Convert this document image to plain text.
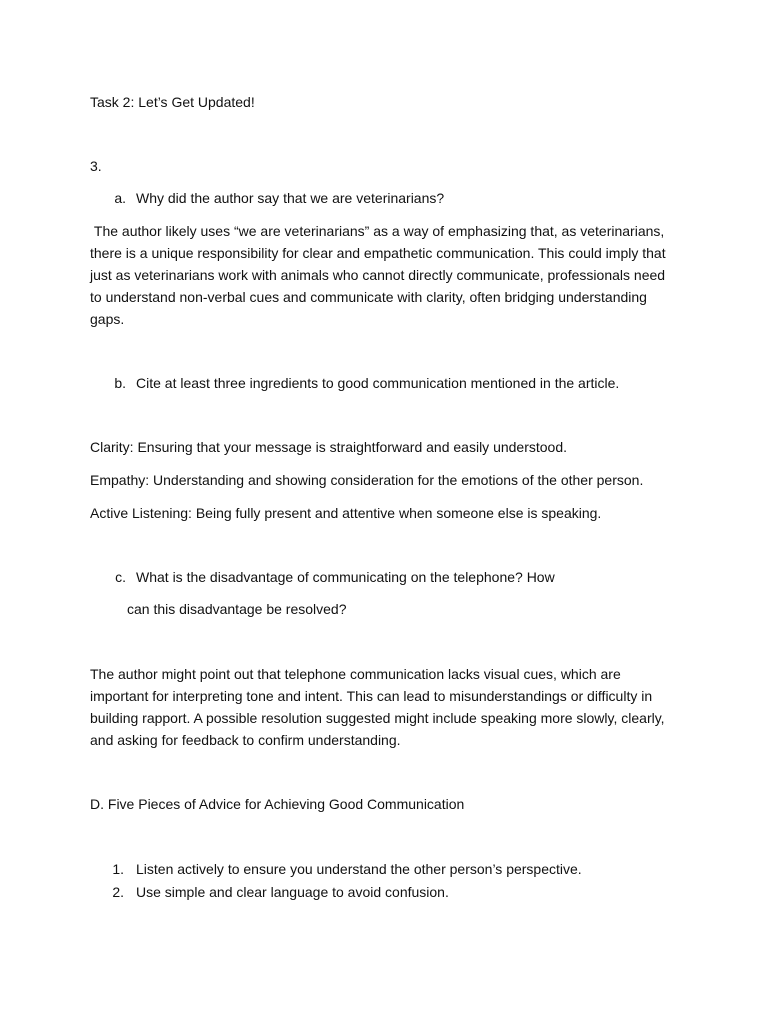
Task 2: Let’s Get Updated!

3.

a. Why did the author say that we are veterinarians?

The author likely uses “we are veterinarians” as a way of emphasizing that, as veterinarians, there is a unique responsibility for clear and empathetic communication. This could imply that just as veterinarians work with animals who cannot directly communicate, professionals need to understand non-verbal cues and communicate with clarity, often bridging understanding gaps.

b. Cite at least three ingredients to good communication mentioned in the article.

Clarity: Ensuring that your message is straightforward and easily understood.

Empathy: Understanding and showing consideration for the emotions of the other person.

Active Listening: Being fully present and attentive when someone else is speaking.

c. What is the disadvantage of communicating on the telephone? How
can this disadvantage be resolved?

The author might point out that telephone communication lacks visual cues, which are important for interpreting tone and intent. This can lead to misunderstandings or difficulty in building rapport. A possible resolution suggested might include speaking more slowly, clearly, and asking for feedback to confirm understanding.

D. Five Pieces of Advice for Achieving Good Communication

1. Listen actively to ensure you understand the other person’s perspective.
2. Use simple and clear language to avoid confusion.
